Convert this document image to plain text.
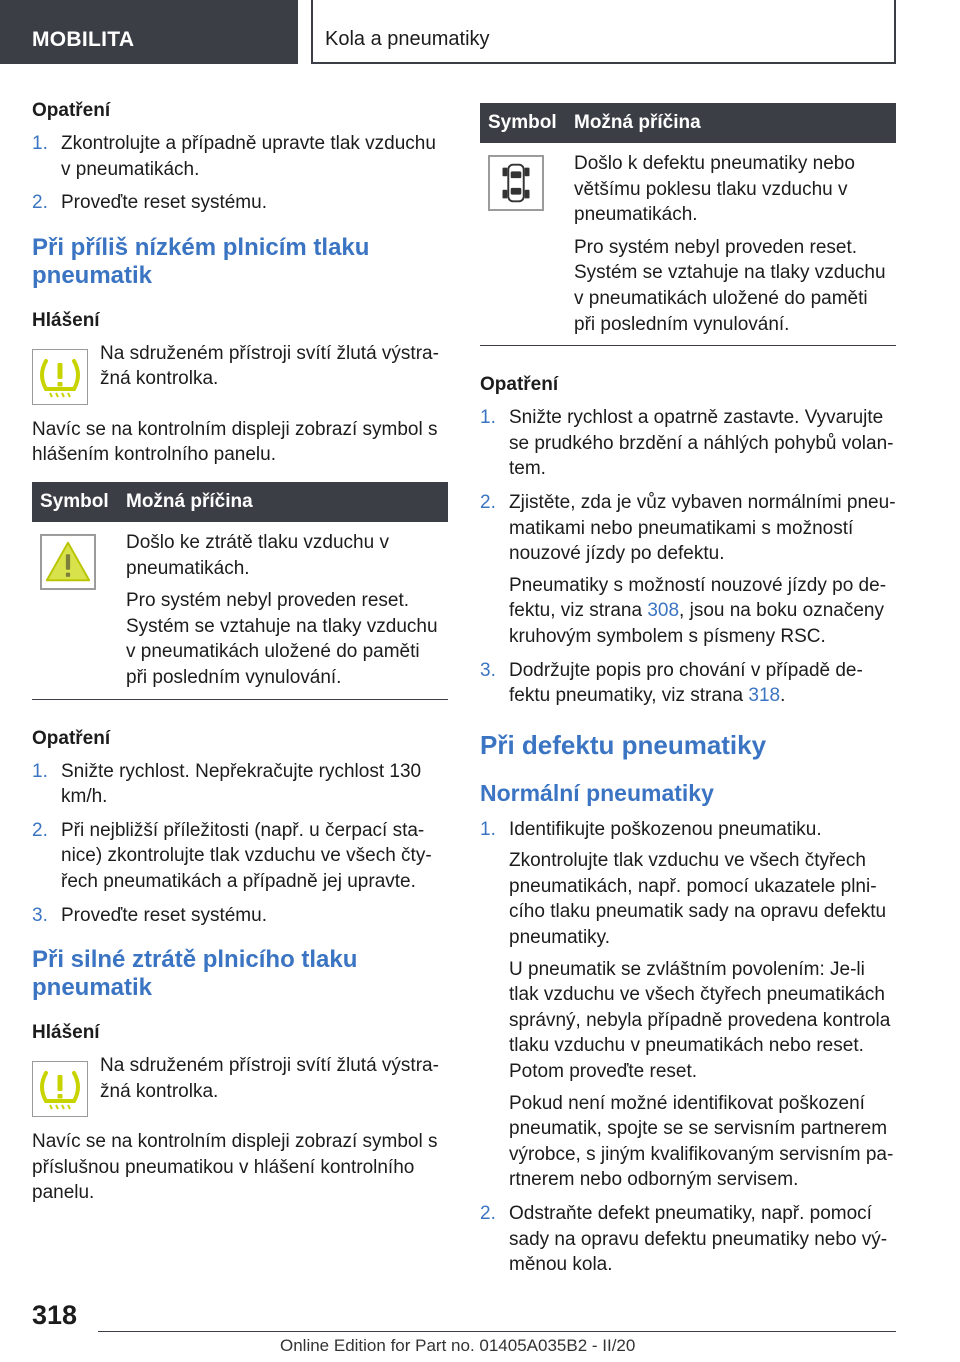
MOBILITA	Kola a pneumatiky
Opatření
1. Zkontrolujte a případně upravte tlak vzduchu v pneumatikách.
2. Proveďte reset systému.
Při příliš nízkém plnicím tlaku pneumatik
Hlášení
Na sdruženém přístroji svítí žlutá výstražná kontrolka.
Navíc se na kontrolním displeji zobrazí symbol s hlášením kontrolního panelu.
Symbol	Možná příčina

Došlo ke ztrátě tlaku vzduchu v pneumatikách.

Pro systém nebyl proveden reset. Systém se vztahuje na tlaky vzduchu v pneumatikách uložené do paměti při posledním vynulování.

Opatření
1. Snižte rychlost. Nepřekračujte rychlost 130 km/h.
2. Při nejbližší příležitosti (např. u čerpací stanice) zkontrolujte tlak vzduchu ve všech čtyřech pneumatikách a případně jej upravte.
3. Proveďte reset systému.
Při silné ztrátě plnicího tlaku pneumatik
Hlášení
Na sdruženém přístroji svítí žlutá výstražná kontrolka.
Navíc se na kontrolním displeji zobrazí symbol s příslušnou pneumatikou v hlášení kontrolního panelu.
Symbol	Možná příčina

Došlo k defektu pneumatiky nebo většímu poklesu tlaku vzduchu v pneumatikách.

Pro systém nebyl proveden reset. Systém se vztahuje na tlaky vzduchu v pneumatikách uložené do paměti při posledním vynulování.

Opatření
1. Snižte rychlost a opatrně zastavte. Vyvarujte se prudkého brzdění a náhlých pohybů volantem.
2. Zjistěte, zda je vůz vybaven normálními pneumatikami nebo pneumatikami s možností nouzové jízdy po defektu.

Pneumatiky s možností nouzové jízdy po defektu, viz strana 308, jsou na boku označeny kruhovým symbolem s písmeny RSC.

3. Dodržujte popis pro chování v případě defektu pneumatiky, viz strana 318.
Při defektu pneumatiky
Normální pneumatiky
1. Identifikujte poškozenou pneumatiku.

Zkontrolujte tlak vzduchu ve všech čtyřech pneumatikách, např. pomocí ukazatele plnicího tlaku pneumatik sady na opravu defektu pneumatiky.

U pneumatik se zvláštním povolením: Je-li tlak vzduchu ve všech čtyřech pneumatikách správný, nebyla případně provedena kontrola tlaku vzduchu v pneumatikách nebo reset. Potom proveďte reset.

Pokud není možné identifikovat poškození pneumatik, spojte se se servisním partnerem výrobce, s jiným kvalifikovaným servisním partnerem nebo odborným servisem.

2. Odstraňte defekt pneumatiky, např. pomocí sady na opravu defektu pneumatiky nebo výměnou kola.
318
Online Edition for Part no. 01405A035B2 - II/20
